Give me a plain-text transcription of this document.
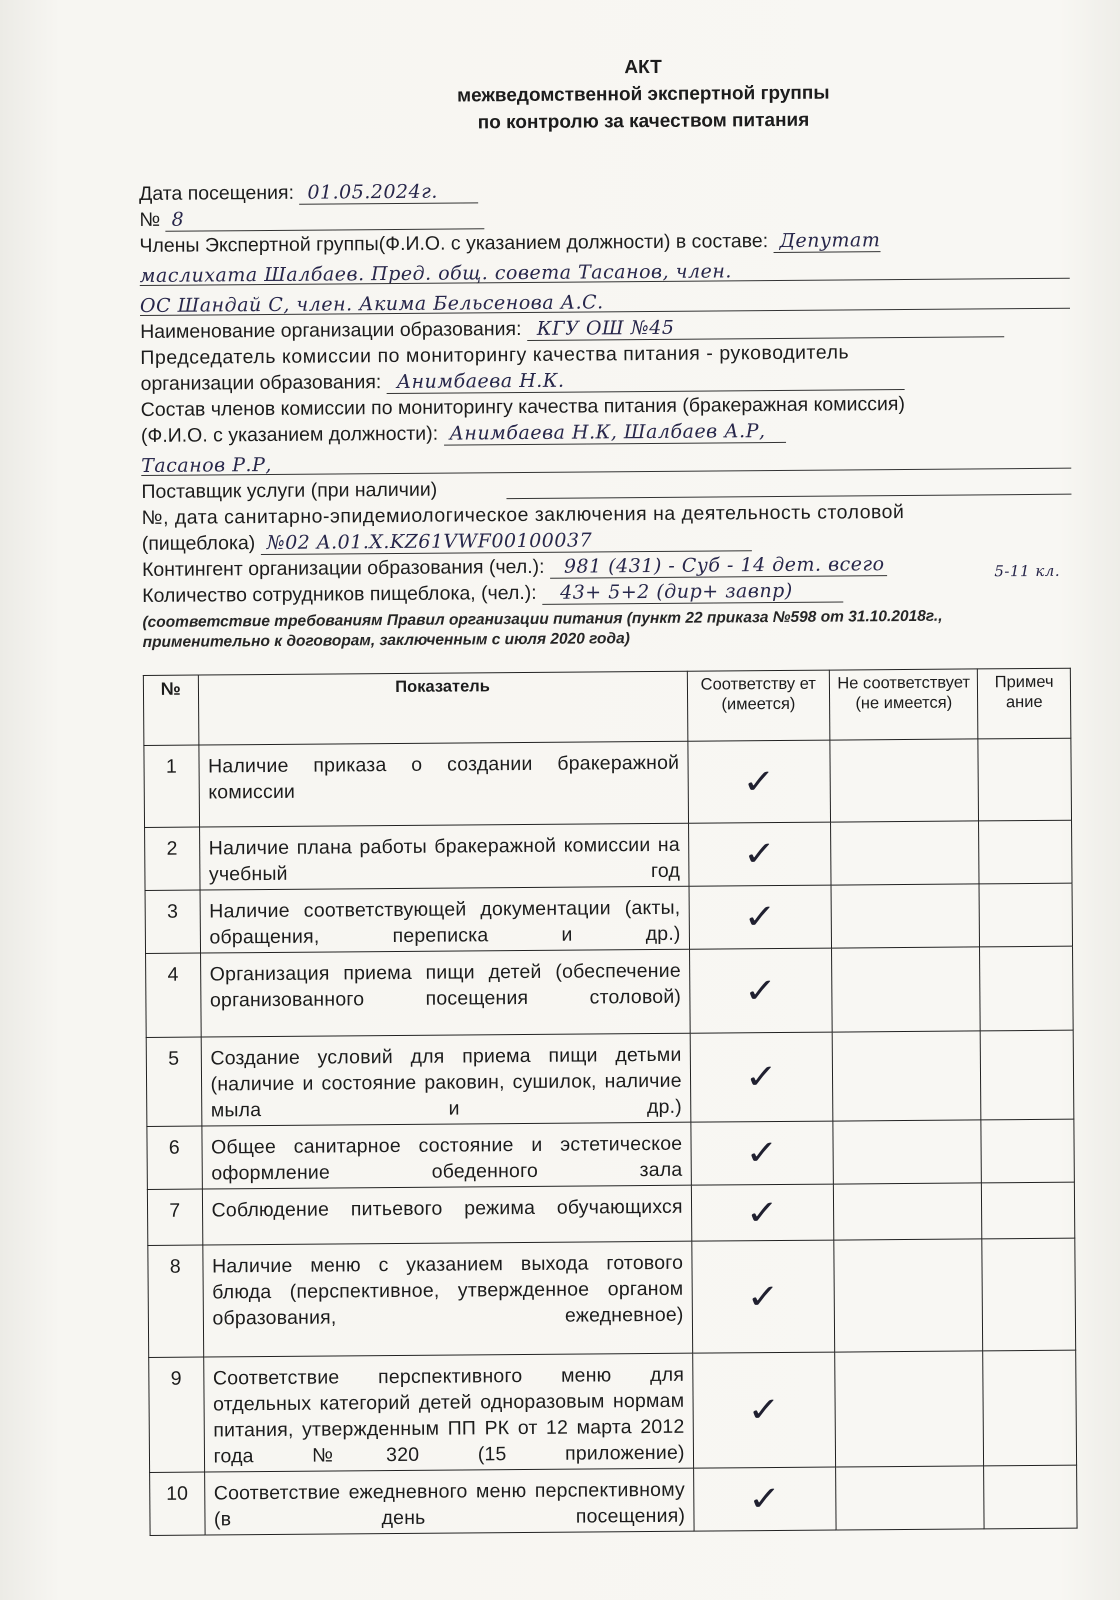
АКТ
межведомственной экспертной группы
по контролю за качеством питания
Дата посещения: 01.05.2024г.
№ 8
Члены Экспертной группы(Ф.И.О. с указанием должности) в составе: Депутат
маслихата Шалбаев. Пред. общ. совета Тасанов, член.
ОС Шандай С, член. Акима Бельсенова А.С.
Наименование организации образования: КГУ ОШ №45
Председатель комиссии по мониторингу качества питания - руководитель
организации образования: Анимбаева Н.К.
Состав членов комиссии по мониторингу качества питания (бракеражная комиссия)
(Ф.И.О. с указанием должности): Анимбаева Н.К, Шалбаев А.Р,
Тасанов Р.Р,
Поставщик услуги (при наличии)
№, дата санитарно-эпидемиологическое заключения на деятельность столовой
(пищеблока) №02 A.01.X.KZ61VWF00100037
Контингент организации образования (чел.): 981 (431) - Суб - 14 дет. всего	5-11 кл.
Количество сотрудников пищеблока, (чел.): 43+ 5+2 (дир+ завпр)
(соответствие требованиям Правил организации питания (пункт 22 приказа №598 от 31.10.2018г.,
применительно к договорам, заключенным с июля 2020 года)
№	Показатель	Соответству ет (имеется)	Не соответствует (не имеется)	Примеч ание
1	Наличие приказа о создании бракеражной комиссии	✓		
2	Наличие плана работы бракеражной комиссии на учебный год	✓		
3	Наличие соответствующей документации (акты, обращения, переписка и др.)	✓		
4	Организация приема пищи детей (обеспечение организованного посещения столовой)	✓		
5	Создание условий для приема пищи детьми (наличие и состояние раковин, сушилок, наличие мыла и др.)	✓		
6	Общее санитарное состояние и эстетическое оформление обеденного зала	✓		
7	Соблюдение питьевого режима обучающихся	✓		
8	Наличие меню с указанием выхода готового блюда (перспективное, утвержденное органом образования, ежедневное)	✓		
9	Соответствие перспективного меню для отдельных категорий детей одноразовым нормам питания, утвержденным ПП РК от 12 марта 2012 года №320 (15 приложение)	✓		
10	Соответствие ежедневного меню перспективному (в день посещения)	✓		
